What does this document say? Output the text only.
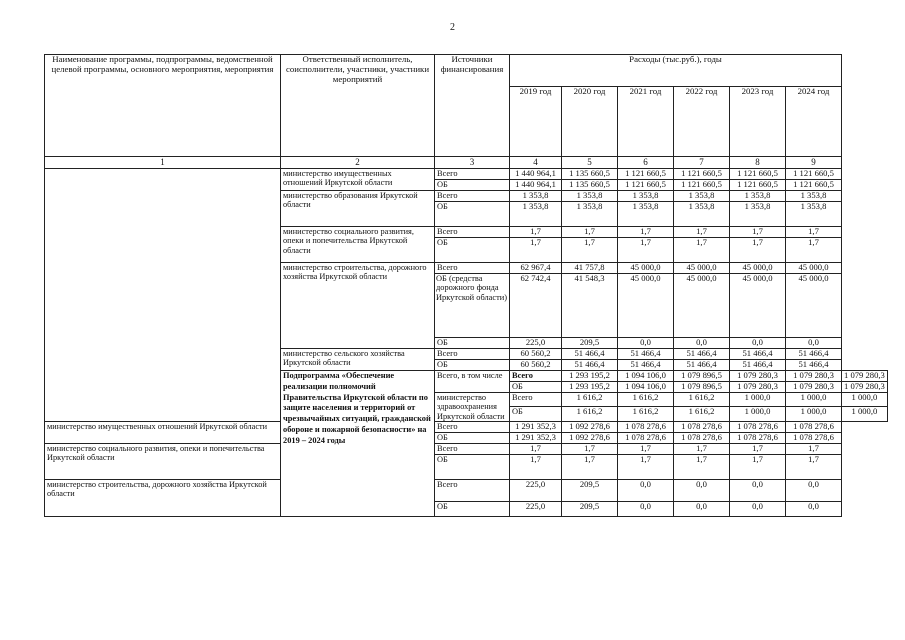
2
Наименование программы, подпрограммы, ведомственной целевой программы, основного мероприятия, мероприятия	Ответственный исполнитель, соисполнители, участники, участники мероприятий	Источники финансирования	Расходы (тыс.руб.), годы						
			2019 год	2020 год	2021 год	2022 год	2023 год	2024 год	
1	2	3	4	5	6	7	8	9	
	министерство имущественных отношений Иркутской области	Всего	1 440 964,1	1 135 660,5	1 121 660,5	1 121 660,5	1 121 660,5	1 121 660,5	
		ОБ	1 440 964,1	1 135 660,5	1 121 660,5	1 121 660,5	1 121 660,5	1 121 660,5	
	министерство образования Иркутской области	Всего	1 353,8	1 353,8	1 353,8	1 353,8	1 353,8	1 353,8	
		ОБ	1 353,8	1 353,8	1 353,8	1 353,8	1 353,8	1 353,8	
	министерство социального развития, опеки и попечительства Иркутской области	Всего	1,7	1,7	1,7	1,7	1,7	1,7	
		ОБ	1,7	1,7	1,7	1,7	1,7	1,7	
	министерство строительства, дорожного хозяйства Иркутской области	Всего	62 967,4	41 757,8	45 000,0	45 000,0	45 000,0	45 000,0	
		ОБ (средства дорожного фонда Иркутской области)	62 742,4	41 548,3	45 000,0	45 000,0	45 000,0	45 000,0	
		ОБ	225,0	209,5	0,0	0,0	0,0	0,0	
	министерство сельского хозяйства Иркутской области	Всего	60 560,2	51 466,4	51 466,4	51 466,4	51 466,4	51 466,4	
		ОБ	60 560,2	51 466,4	51 466,4	51 466,4	51 466,4	51 466,4	
	Подпрограмма «Обеспечение реализации полномочий Правительства Иркутской области по защите населения и территорий от чрезвычайных ситуаций, гражданской обороне и пожарной безопасности» на 2019 – 2024 годы	Всего, в том числе	Всего	1 293 195,2	1 094 106,0	1 079 896,5	1 079 280,3	1 079 280,3	1 079 280,3
			ОБ	1 293 195,2	1 094 106,0	1 079 896,5	1 079 280,3	1 079 280,3	1 079 280,3
		министерство здравоохранения Иркутской области	Всего	1 616,2	1 616,2	1 616,2	1 000,0	1 000,0	1 000,0
			ОБ	1 616,2	1 616,2	1 616,2	1 000,0	1 000,0	1 000,0
министерство имущественных отношений Иркутской области		Всего	1 291 352,3	1 092 278,6	1 078 278,6	1 078 278,6	1 078 278,6	1 078 278,6	
		ОБ	1 291 352,3	1 092 278,6	1 078 278,6	1 078 278,6	1 078 278,6	1 078 278,6	
министерство социального развития, опеки и попечительства Иркутской области		Всего	1,7	1,7	1,7	1,7	1,7	1,7	
		ОБ	1,7	1,7	1,7	1,7	1,7	1,7	
министерство строительства, дорожного хозяйства Иркутской области		Всего	225,0	209,5	0,0	0,0	0,0	0,0	
		ОБ	225,0	209,5	0,0	0,0	0,0	0,0	
